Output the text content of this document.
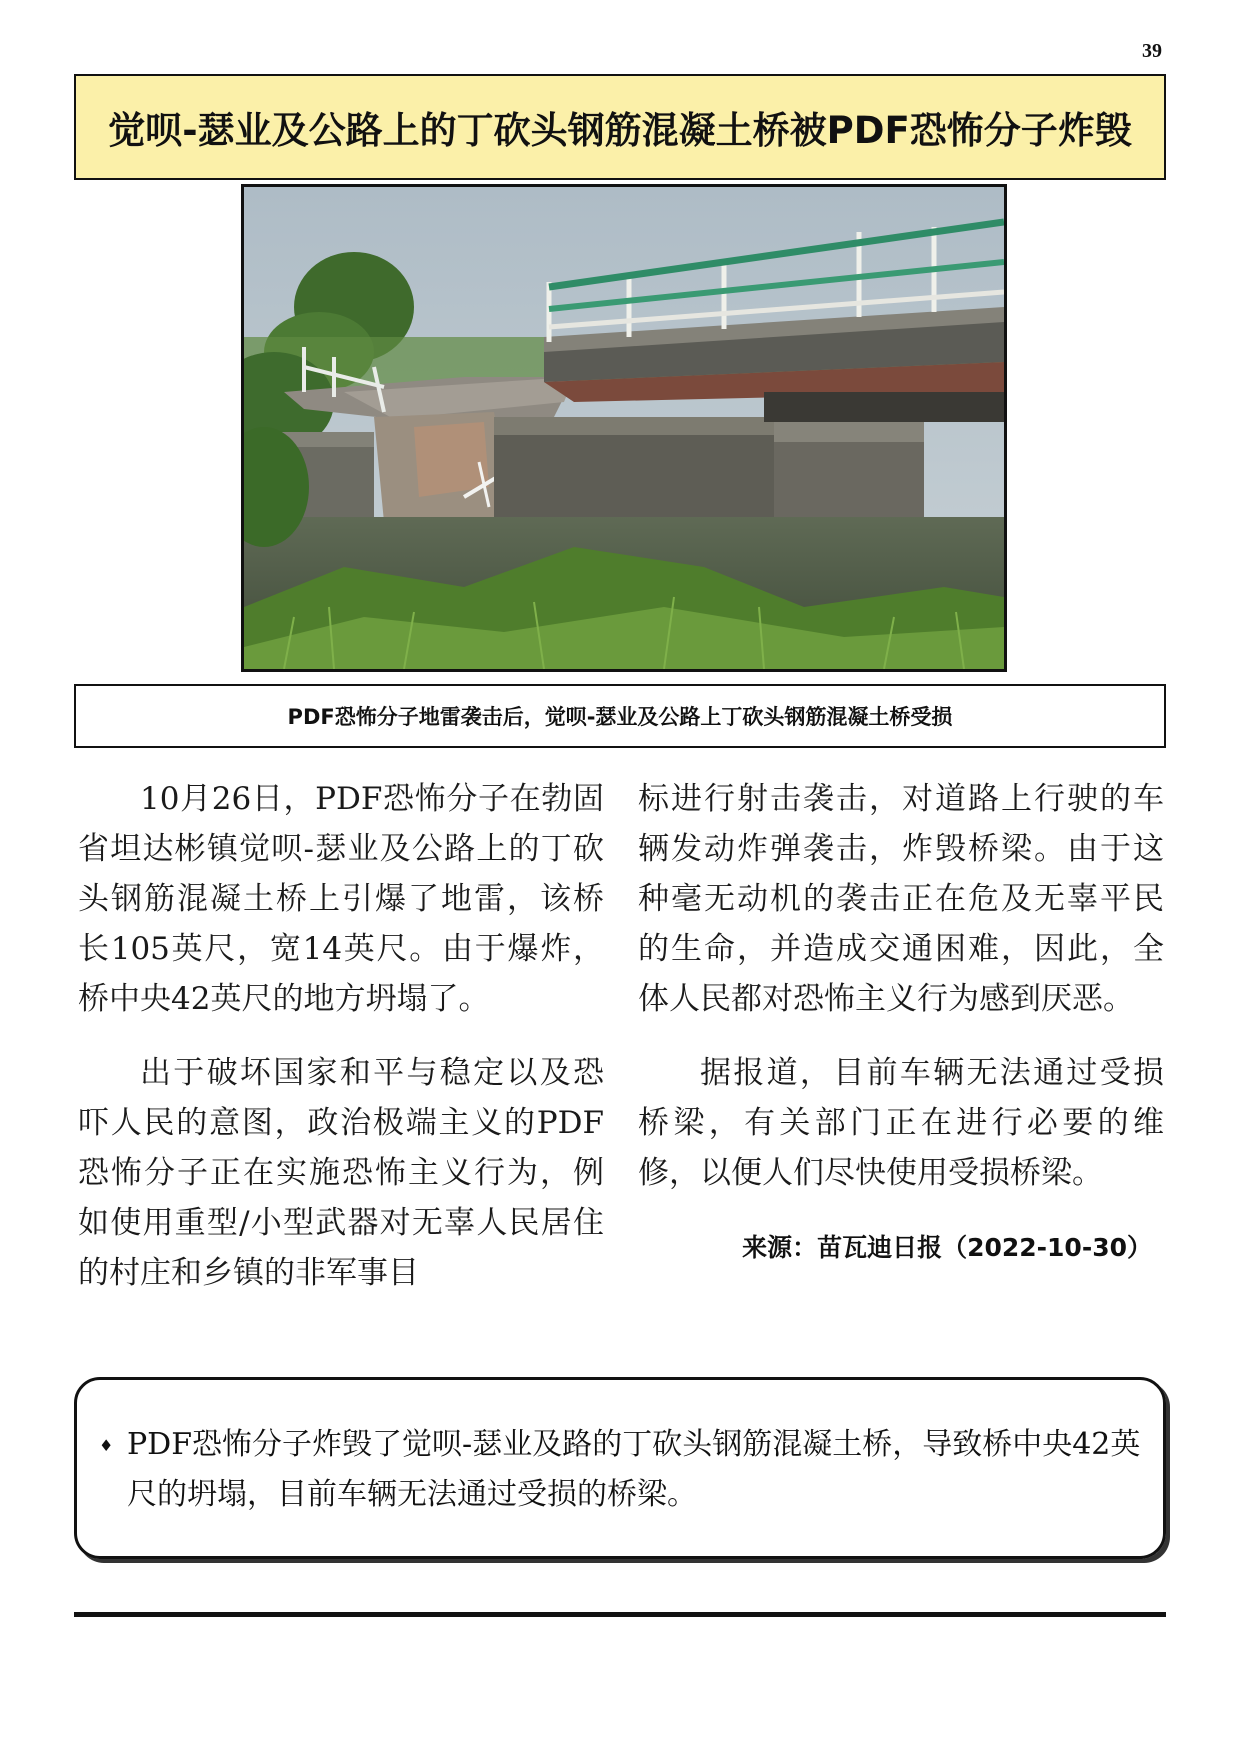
39
觉呗-瑟业及公路上的丁砍头钢筋混凝土桥被PDF恐怖分子炸毁
PDF恐怖分子地雷袭击后，觉呗-瑟业及公路上丁砍头钢筋混凝土桥受损

10月26日，PDF恐怖分子在勃固省坦达彬镇觉呗-瑟业及公路上的丁砍头钢筋混凝土桥上引爆了地雷，该桥长105英尺，宽14英尺。由于爆炸，桥中央42英尺的地方坍塌了。

出于破坏国家和平与稳定以及恐吓人民的意图，政治极端主义的PDF恐怖分子正在实施恐怖主义行为，例如使用重型/小型武器对无辜人民居住的村庄和乡镇的非军事目

标进行射击袭击，对道路上行驶的车辆发动炸弹袭击，炸毁桥梁。由于这种毫无动机的袭击正在危及无辜平民的生命，并造成交通困难，因此，全体人民都对恐怖主义行为感到厌恶。

据报道，目前车辆无法通过受损桥梁，有关部门正在进行必要的维修，以便人们尽快使用受损桥梁。

来源：苗瓦迪日报（2022-10-30）
♦ PDF恐怖分子炸毁了觉呗-瑟业及路的丁砍头钢筋混凝土桥，导致桥中央42英尺的坍塌，目前车辆无法通过受损的桥梁。
